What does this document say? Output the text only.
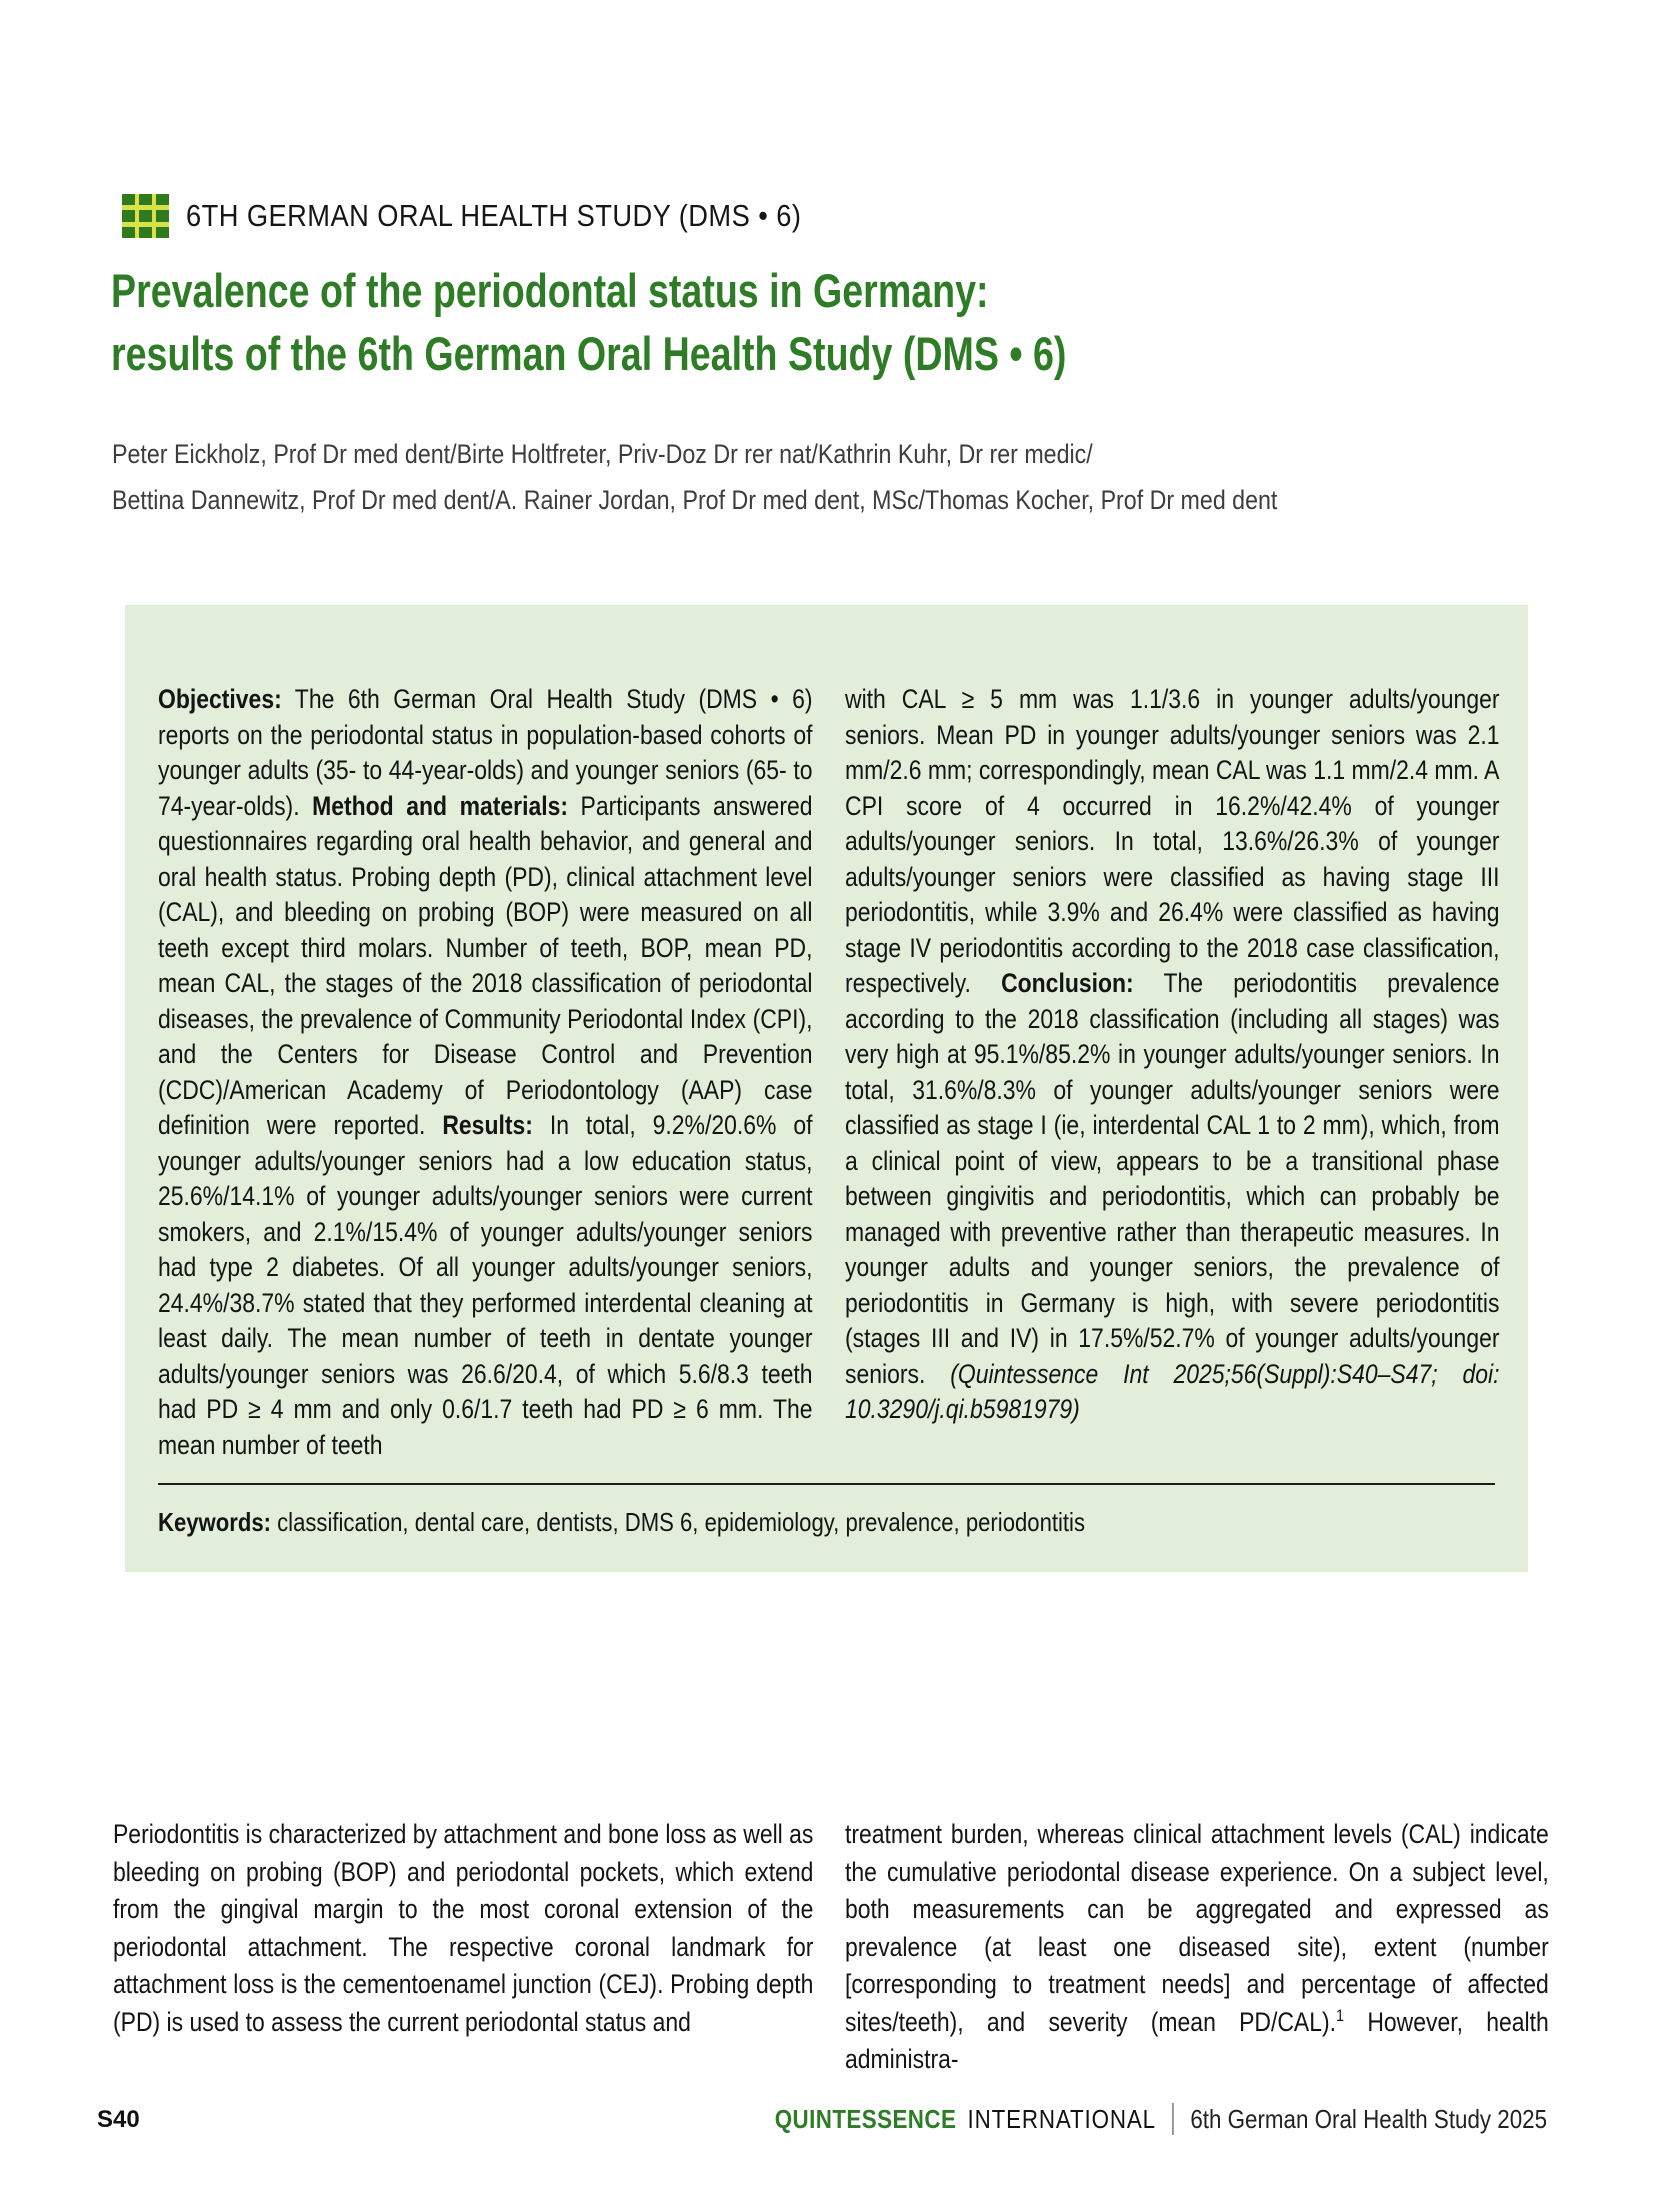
6TH GERMAN ORAL HEALTH STUDY (DMS • 6)
Prevalence of the periodontal status in Germany:
results of the 6th German Oral Health Study (DMS • 6)
Peter Eickholz, Prof Dr med dent/Birte Holtfreter, Priv-Doz Dr rer nat/Kathrin Kuhr, Dr rer medic/
Bettina Dannewitz, Prof Dr med dent/A. Rainer Jordan, Prof Dr med dent, MSc/Thomas Kocher, Prof Dr med dent

Objectives: The 6th German Oral Health Study (DMS • 6) reports on the periodontal status in population-based cohorts of younger adults (35- to 44-year-olds) and younger seniors (65- to 74-year-olds). Method and materials: Participants answered questionnaires regarding oral health behavior, and general and oral health status. Probing depth (PD), clinical attachment level (CAL), and bleeding on probing (BOP) were measured on all teeth except third molars. Number of teeth, BOP, mean PD, mean CAL, the stages of the 2018 classification of periodontal diseases, the prevalence of Community Periodontal Index (CPI), and the Centers for Disease Control and Prevention (CDC)/American Academy of Periodontology (AAP) case definition were reported. Results: In total, 9.2%/20.6% of younger adults/younger seniors had a low education status, 25.6%/14.1% of younger adults/younger seniors were current smokers, and 2.1%/15.4% of younger adults/younger seniors had type 2 diabetes. Of all younger adults/younger seniors, 24.4%/38.7% stated that they performed interdental cleaning at least daily. The mean number of teeth in dentate younger adults/younger seniors was 26.6/20.4, of which 5.6/8.3 teeth had PD ≥ 4 mm and only 0.6/1.7 teeth had PD ≥ 6 mm. The mean number of teeth

with CAL ≥ 5 mm was 1.1/3.6 in younger adults/younger seniors. Mean PD in younger adults/younger seniors was 2.1 mm/2.6 mm; correspondingly, mean CAL was 1.1 mm/2.4 mm. A CPI score of 4 occurred in 16.2%/42.4% of younger adults/younger seniors. In total, 13.6%/26.3% of younger adults/younger seniors were classified as having stage III periodontitis, while 3.9% and 26.4% were classified as having stage IV periodontitis according to the 2018 case classification, respectively. Conclusion: The periodontitis prevalence according to the 2018 classification (including all stages) was very high at 95.1%/85.2% in younger adults/younger seniors. In total, 31.6%/8.3% of younger adults/younger seniors were classified as stage I (ie, interdental CAL 1 to 2 mm), which, from a clinical point of view, appears to be a transitional phase between gingivitis and periodontitis, which can probably be managed with preventive rather than therapeutic measures. In younger adults and younger seniors, the prevalence of periodontitis in Germany is high, with severe periodontitis (stages III and IV) in 17.5%/52.7% of younger adults/younger seniors. (Quintessence Int 2025;56(Suppl):S40–S47; doi: 10.3290/j.qi.b5981979)

Keywords: classification, dental care, dentists, DMS 6, epidemiology, prevalence, periodontitis

Periodontitis is characterized by attachment and bone loss as well as bleeding on probing (BOP) and periodontal pockets, which extend from the gingival margin to the most coronal extension of the periodontal attachment. The respective coronal landmark for attachment loss is the cementoenamel junction (CEJ). Probing depth (PD) is used to assess the current periodontal status and

treatment burden, whereas clinical attachment levels (CAL) indicate the cumulative periodontal disease experience. On a subject level, both measurements can be aggregated and expressed as prevalence (at least one diseased site), extent (number [corresponding to treatment needs] and percentage of affected sites/teeth), and severity (mean PD/CAL).$^1$ However, health administra-

S40	QUINTESSENCE INTERNATIONAL 6th German Oral Health Study 2025
